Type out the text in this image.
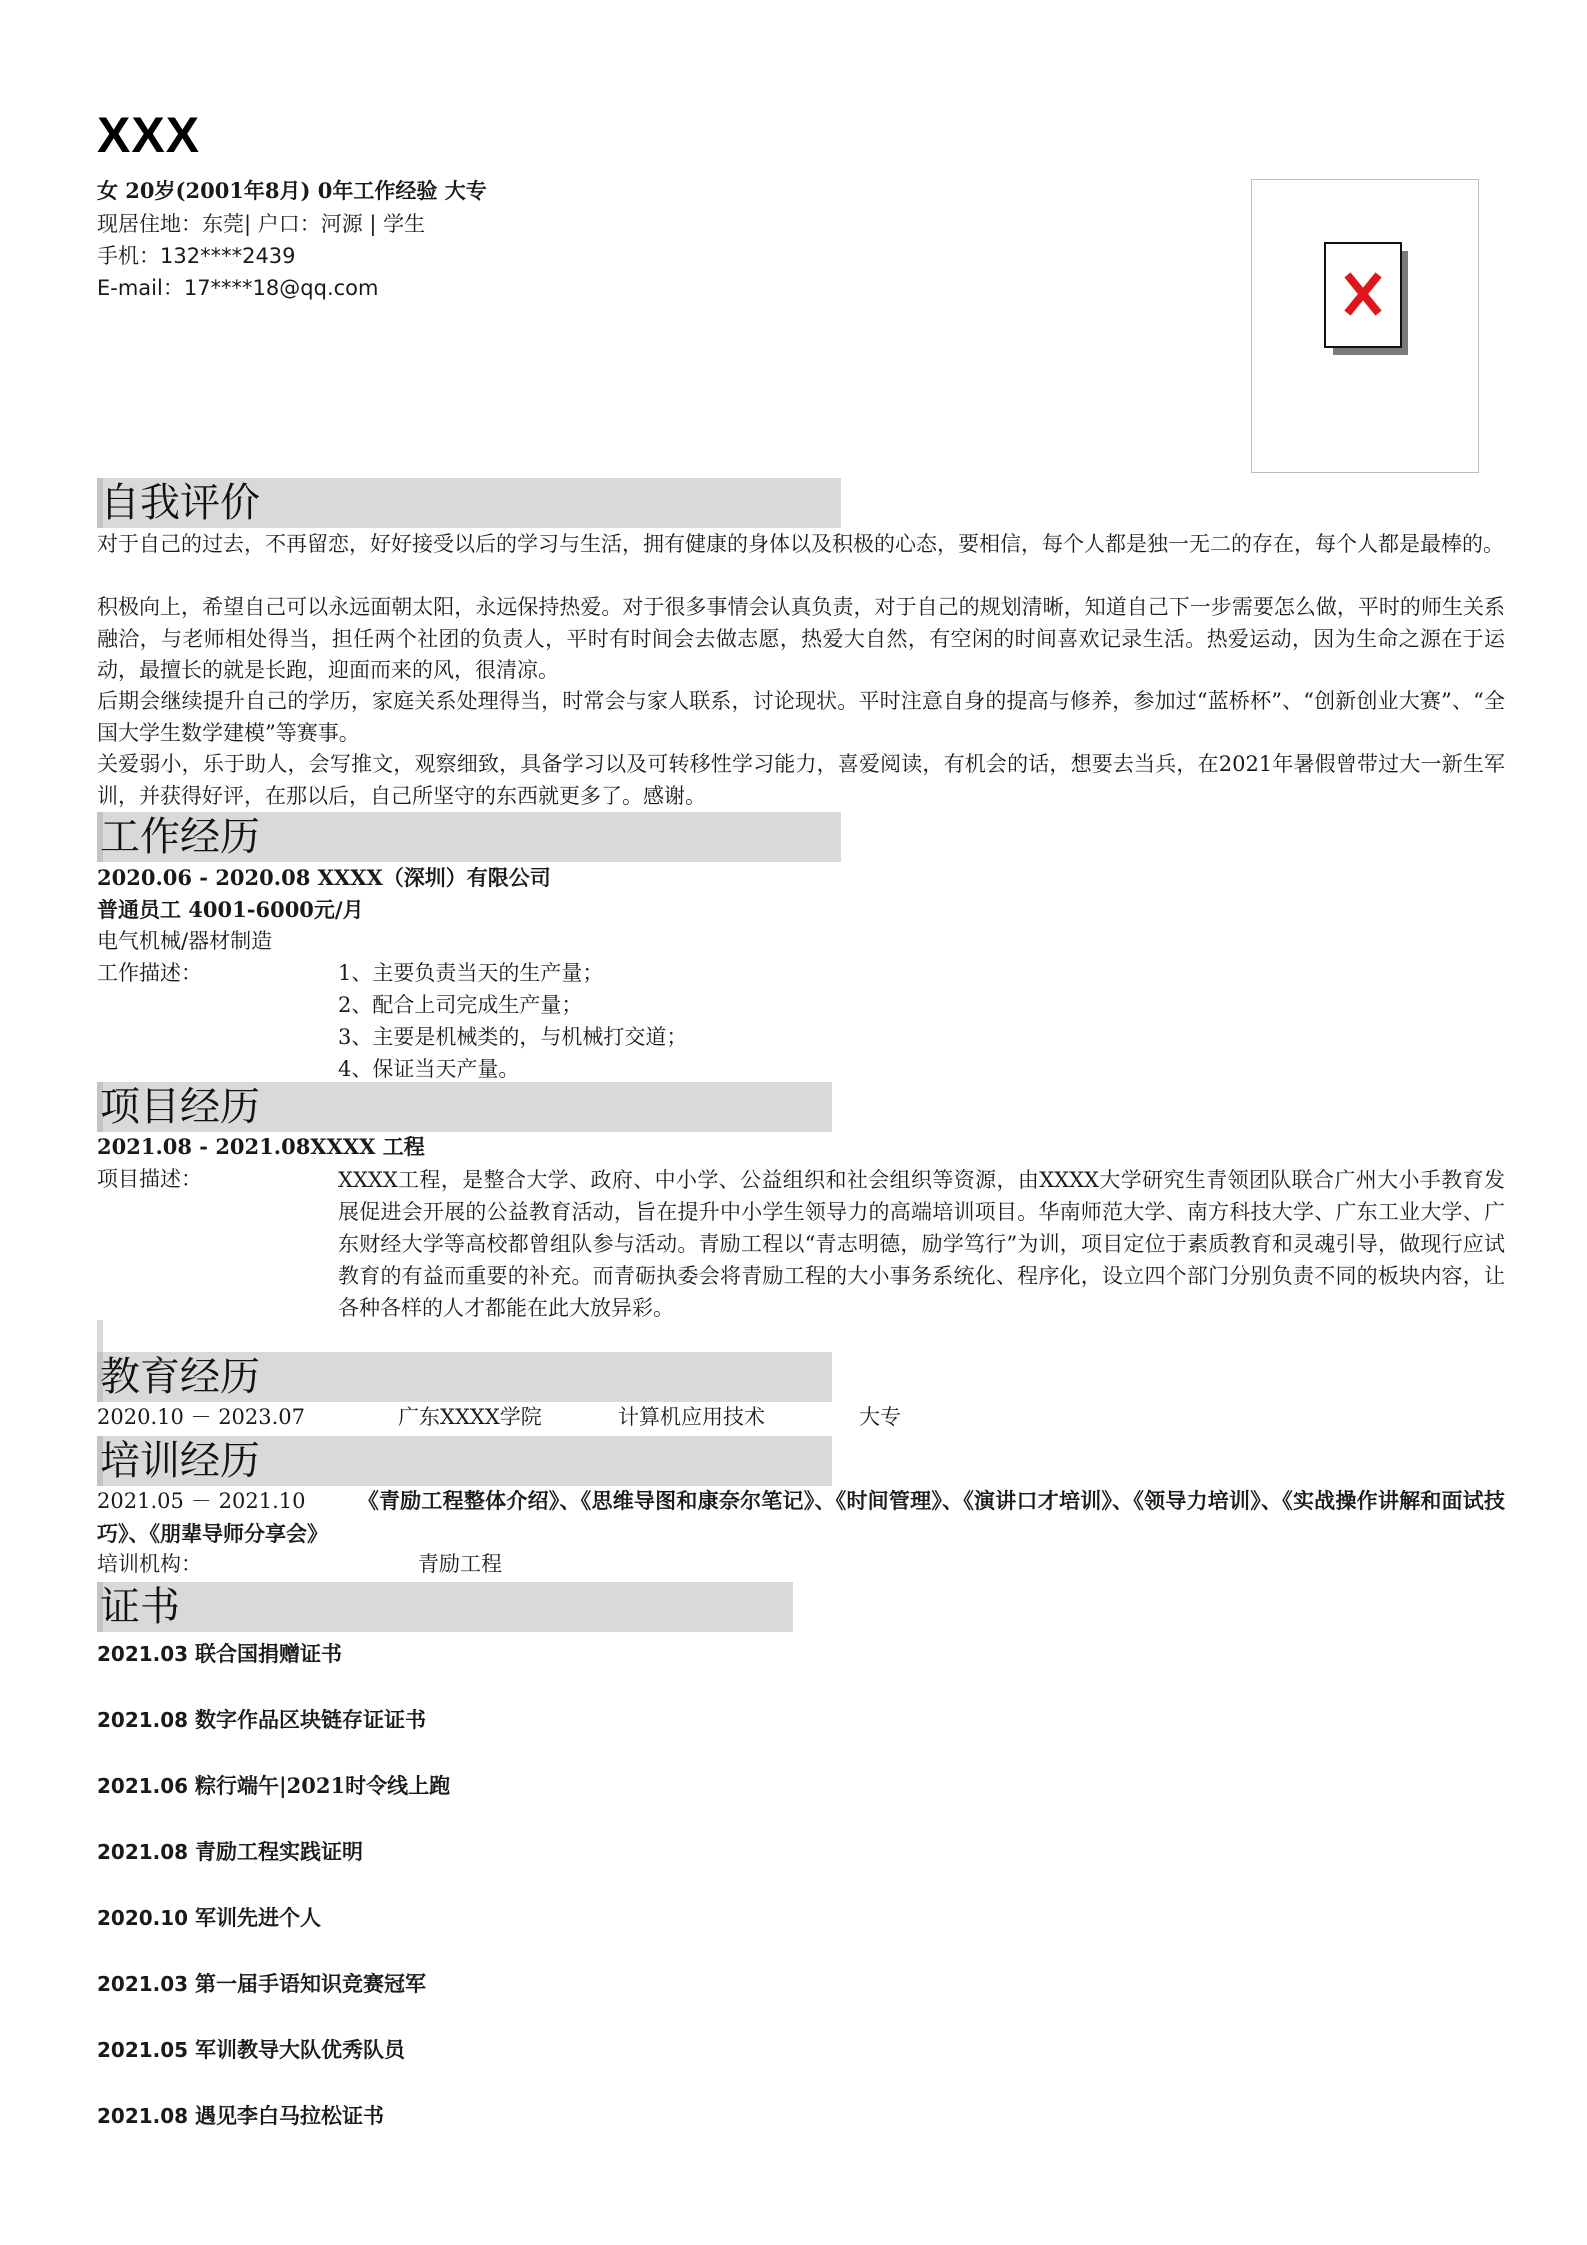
XXX
女 20岁(2001年8月) 0年工作经验 大专
现居住地：东莞| 户口：河源 | 学生
手机：132****2439
E-mail：17****18@qq.com
自我评价

对于自己的过去，不再留恋，好好接受以后的学习与生活，拥有健康的身体以及积极的心态，要相信，每个人都是独一无二的存在，每个人都是最棒的。

积极向上，希望自己可以永远面朝太阳，永远保持热爱。对于很多事情会认真负责，对于自己的规划清晰，知道自己下一步需要怎么做，平时的师生关系融洽，与老师相处得当，担任两个社团的负责人，平时有时间会去做志愿，热爱大自然，有空闲的时间喜欢记录生活。热爱运动，因为生命之源在于运动，最擅长的就是长跑，迎面而来的风，很清凉。

后期会继续提升自己的学历，家庭关系处理得当，时常会与家人联系，讨论现状。平时注意自身的提高与修养，参加过“蓝桥杯”、“创新创业大赛”、“全国大学生数学建模”等赛事。

关爱弱小，乐于助人，会写推文，观察细致，具备学习以及可转移性学习能力，喜爱阅读，有机会的话，想要去当兵，在2021年暑假曾带过大一新生军训，并获得好评，在那以后，自己所坚守的东西就更多了。感谢。

工作经历

2020.06 - 2020.08 XXXX（深圳）有限公司

普通员工 4001-6000元/月

电气机械/器材制造

工作描述：	1、主要负责当天的生产量；

2、配合上司完成生产量；

3、主要是机械类的，与机械打交道；

4、保证当天产量。

项目经历

2021.08 - 2021.08XXXX 工程

项目描述：	XXXX工程，是整合大学、政府、中小学、公益组织和社会组织等资源，由XXXX大学研究生青领团队联合广州大小手教育发展促进会开展的公益教育活动，旨在提升中小学生领导力的高端培训项目。华南师范大学、南方科技大学、广东工业大学、广东财经大学等高校都曾组队参与活动。青励工程以“青志明德，励学笃行”为训，项目定位于素质教育和灵魂引导，做现行应试教育的有益而重要的补充。而青砺执委会将青励工程的大小事务系统化、程序化，设立四个部门分别负责不同的板块内容，让各种各样的人才都能在此大放异彩。

教育经历

2020.10 － 2023.07	广东XXXX学院	计算机应用技术	大专

培训经历

2021.05 － 2021.10 《青励工程整体介绍》、《思维导图和康奈尔笔记》、《时间管理》、《演讲口才培训》、《领导力培训》、《实战操作讲解和面试技巧》、《朋辈导师分享会》

培训机构：	青励工程

证书
2021.03 联合国捐赠证书
2021.08 数字作品区块链存证证书
2021.06 粽行端午|2021时令线上跑
2021.08 青励工程实践证明
2020.10 军训先进个人
2021.03 第一届手语知识竞赛冠军
2021.05 军训教导大队优秀队员
2021.08 遇见李白马拉松证书
